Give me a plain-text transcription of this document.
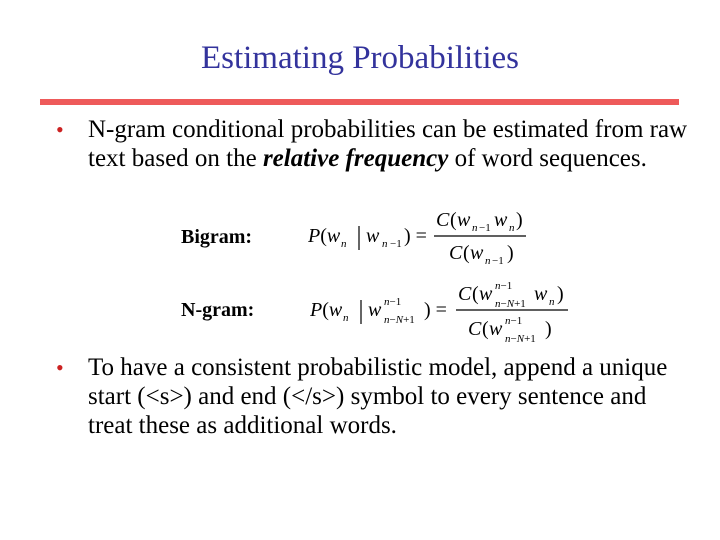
Estimating Probabilities
• N-gram conditional probabilities can be estimated from raw text based on the relative frequency of word sequences.
Bigram:	P(w n w n −1 ) =
C ( w n −1 w n )
C ( w n −1 )
N-gram:	P(w n w n−1
n−N+1 ) =
C ( w n−1
n−N+1 w n )
C ( w n−1
n−N+1 )
• To have a consistent probabilistic model, append a unique start (<s>) and end (</s>) symbol to every sentence and treat these as additional words.
